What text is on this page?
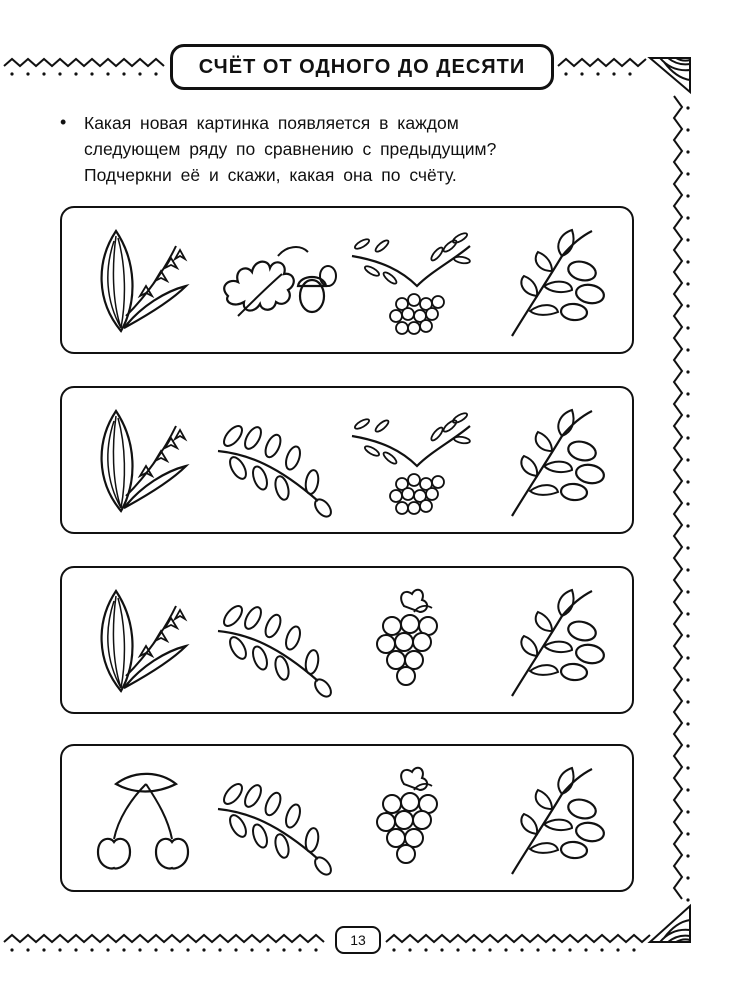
СЧЁТ ОТ ОДНОГО ДО ДЕСЯТИ
• Какая новая картинка появляется в каждом
следующем ряду по сравнению с предыдущим?
Подчеркни её и скажи, какая она по счёту.
13
